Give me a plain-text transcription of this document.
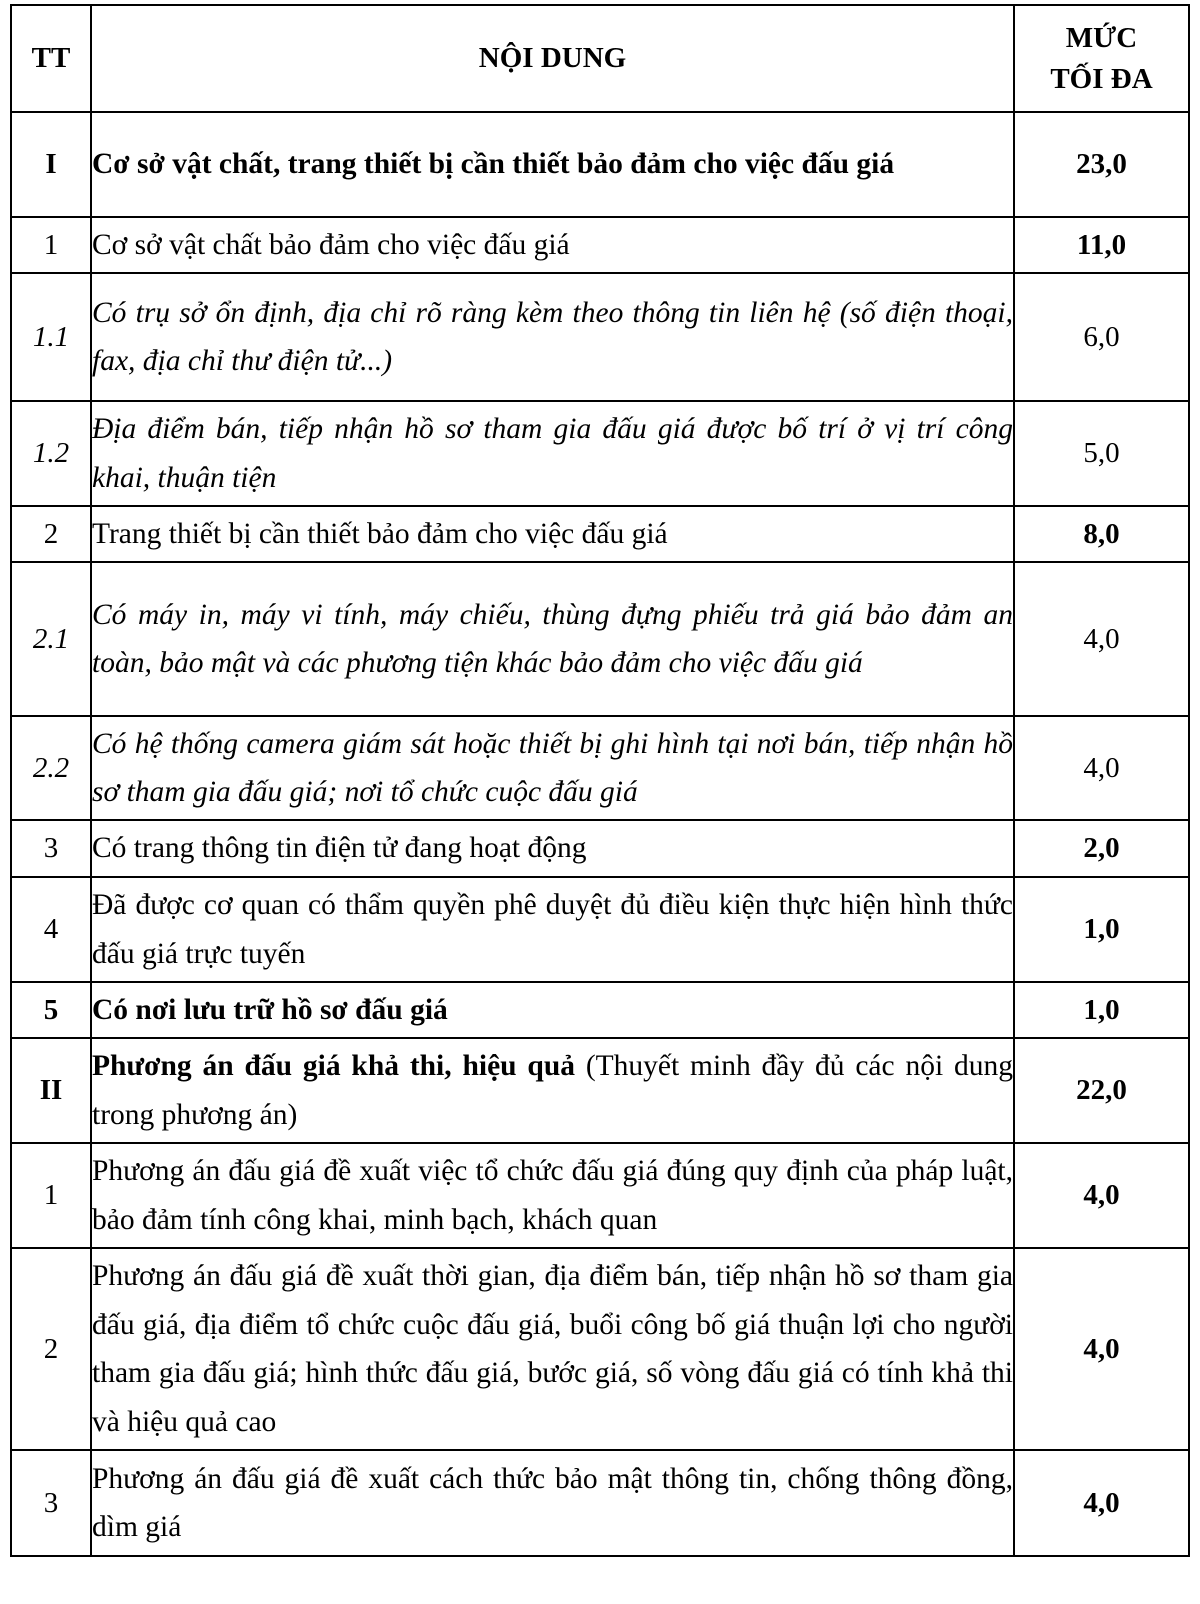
TT	NỘI DUNG	MỨC
TỐI ĐA

I	Cơ sở vật chất, trang thiết bị cần thiết bảo đảm cho việc đấu giá	23,0
1	Cơ sở vật chất bảo đảm cho việc đấu giá	11,0
1.1	Có trụ sở ổn định, địa chỉ rõ ràng kèm theo thông tin liên hệ (số điện thoại, fax, địa chỉ thư điện tử...)	6,0
1.2	Địa điểm bán, tiếp nhận hồ sơ tham gia đấu giá được bố trí ở vị trí công khai, thuận tiện	5,0
2	Trang thiết bị cần thiết bảo đảm cho việc đấu giá	8,0
2.1	Có máy in, máy vi tính, máy chiếu, thùng đựng phiếu trả giá bảo đảm an toàn, bảo mật và các phương tiện khác bảo đảm cho việc đấu giá	4,0
2.2	Có hệ thống camera giám sát hoặc thiết bị ghi hình tại nơi bán, tiếp nhận hồ sơ tham gia đấu giá; nơi tổ chức cuộc đấu giá	4,0
3	Có trang thông tin điện tử đang hoạt động	2,0
4	Đã được cơ quan có thẩm quyền phê duyệt đủ điều kiện thực hiện hình thức đấu giá trực tuyến	1,0
5	Có nơi lưu trữ hồ sơ đấu giá	1,0
II	Phương án đấu giá khả thi, hiệu quả (Thuyết minh đầy đủ các nội dung trong phương án)	22,0
1	Phương án đấu giá đề xuất việc tổ chức đấu giá đúng quy định của pháp luật, bảo đảm tính công khai, minh bạch, khách quan	4,0
2	Phương án đấu giá đề xuất thời gian, địa điểm bán, tiếp nhận hồ sơ tham gia đấu giá, địa điểm tổ chức cuộc đấu giá, buổi công bố giá thuận lợi cho người tham gia đấu giá; hình thức đấu giá, bước giá, số vòng đấu giá có tính khả thi và hiệu quả cao	4,0
3	Phương án đấu giá đề xuất cách thức bảo mật thông tin, chống thông đồng, dìm giá	4,0
